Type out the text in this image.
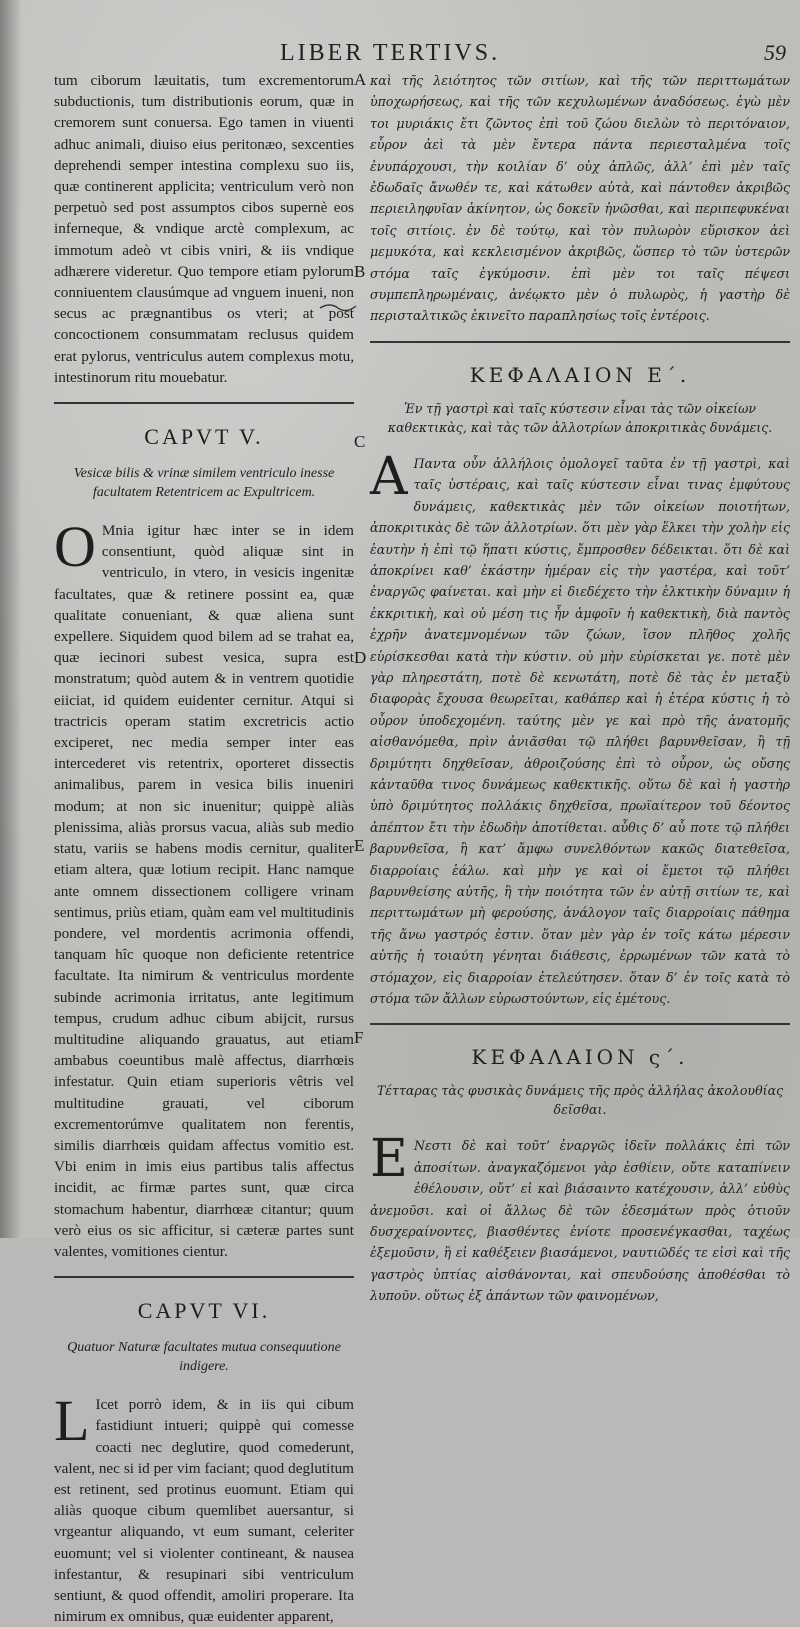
LIBER TERTIVS.	59

tum ciborum læuitatis, tum excrementorum subductionis, tum distributionis eorum, quæ in cremorem sunt conuersa. Ego tamen in viuenti adhuc animali, diuiso eius peritonæo, sexcenties deprehendi semper intestina complexu suo iis, quæ continerent applicita; ventriculum verò non perpetuò sed post assumptos cibos supernè eos inferneque, & vndique arctè complexum, ac immotum adeò vt cibis vniri, & iis vndique adhærere videretur. Quo tempore etiam pylorum conniuentem clausúmque ad vnguem inueni, non secus ac prægnantibus os vteri; at post concoctionem consummatam reclusus quidem erat pylorus, ventriculus autem complexus motu, intestinorum ritu mouebatur.

CAPVT V.
Vesicæ bilis & vrinæ similem ventriculo inesse facultatem Retentricem ac Expultricem.

O Mnia igitur hæc inter se in idem consentiunt, quòd aliquæ sint in ventriculo, in vtero, in vesicis ingenitæ facultates, quæ & retinere possint ea, quæ qualitate conueniant, & quæ aliena sunt expellere. Siquidem quod bilem ad se trahat ea, quæ iecinori subest vesica, supra est monstratum; quòd autem & in ventrem quotidie eiiciat, id quidem euidenter cernitur. Atqui si tractricis operam statim excretricis actio exciperet, nec media semper inter eas intercederet vis retentrix, oporteret dissectis animalibus, parem in vesica bilis inueniri modum; at non sic inuenitur; quippè aliàs plenissima, aliàs prorsus vacua, aliàs sub medio statu, variis se habens modis cernitur, qualiter etiam altera, quæ lotium recipit. Hanc namque ante omnem dissectionem colligere vrinam sentimus, priùs etiam, quàm eam vel multitudinis pondere, vel mordentis acrimonia offendi, tanquam hîc quoque non deficiente retentrice facultate. Ita nimirum & ventriculus mordente subinde acrimonia irritatus, ante legitimum tempus, crudum adhuc cibum abijcit, rursus multitudine aliquando grauatus, aut etiam ambabus coeuntibus malè affectus, diarrhœis infestatur. Quin etiam superioris vêtris vel multitudine grauati, vel ciborum excrementorúmve qualitatem non ferentis, similis diarrhœis quidam affectus vomitio est. Vbi enim in imis eius partibus talis affectus incidit, ac firmæ partes sunt, quæ circa stomachum habentur, diarrhœæ citantur; quum verò eius os sic afficitur, si cæteræ partes sunt valentes, vomitiones cientur.

CAPVT VI.
Quatuor Naturæ facultates mutua consequutione indigere.

L Icet porrò idem, & in iis qui cibum fastidiunt intueri; quippè qui comesse coacti nec deglutire, quod comederunt, valent, nec si id per vim faciant; quod deglutitum est retinent, sed protinus euomunt. Etiam qui aliàs quoque cibum quemlibet auersantur, si vrgeantur aliquando, vt eum sumant, celeriter euomunt; vel si violenter contineant, & nausea infestantur, & resupinari sibi ventriculum sentiunt, & quod offendit, amoliri properare. Ita nimirum ex omnibus, quæ euidenter apparent,

A
B
C
D
E
F

καὶ τῆς λειότητος τῶν σιτίων, καὶ τῆς τῶν περιττωμάτων ὑποχωρήσεως, καὶ τῆς τῶν κεχυλωμένων ἀναδόσεως. ἐγὼ μὲν τοι μυριάκις ἔτι ζῶντος ἐπὶ τοῦ ζώου διελὼν τὸ περιτόναιον, εὗρον ἀεὶ τὰ μὲν ἔντερα πάντα περιεσταλμένα τοῖς ἐνυπάρχουσι, τὴν κοιλίαν δ’ οὐχ ἁπλῶς, ἀλλ’ ἐπὶ μὲν ταῖς ἐδωδαῖς ἄνωθέν τε, καὶ κάτωθεν αὐτὰ, καὶ πάντοθεν ἀκριβῶς περιειληφυῖαν ἀκίνητον, ὡς δοκεῖν ἡνῶσθαι, καὶ περιπεφυκέναι τοῖς σιτίοις. ἐν δὲ τούτῳ, καὶ τὸν πυλωρὸν εὕρισκον ἀεὶ μεμυκότα, καὶ κεκλεισμένον ἀκριβῶς, ὥσπερ τὸ τῶν ὑστερῶν στόμα ταῖς ἐγκύμοσιν. ἐπὶ μὲν τοι ταῖς πέψεσι συμπεπληρωμέναις, ἀνέῳκτο μὲν ὁ πυλωρὸς, ἡ γαστὴρ δὲ περισταλτικῶς ἐκινεῖτο παραπλησίως τοῖς ἐντέροις.

ΚΕΦΑΛΑΙΟΝ Ε΄.
Ἐν τῇ γαστρὶ καὶ ταῖς κύστεσιν εἶναι τὰς τῶν οἰκείων καθεκτικὰς, καὶ τὰς τῶν ἀλλοτρίων ἀποκριτικὰς δυνάμεις.

Α Παντα οὖν ἀλλήλοις ὁμολογεῖ ταῦτα ἐν τῇ γαστρὶ, καὶ ταῖς ὑστέραις, καὶ ταῖς κύστεσιν εἶναι τινας ἐμφύτους δυνάμεις, καθεκτικὰς μὲν τῶν οἰκείων ποιοτήτων, ἀποκριτικὰς δὲ τῶν ἀλλοτρίων. ὅτι μὲν γὰρ ἕλκει τὴν χολὴν εἰς ἑαυτὴν ἡ ἐπὶ τῷ ἥπατι κύστις, ἔμπροσθεν δέδεικται. ὅτι δὲ καὶ ἀποκρίνει καθ’ ἑκάστην ἡμέραν εἰς τὴν γαστέρα, καὶ τοῦτ’ ἐναργῶς φαίνεται. καὶ μὴν εἰ διεδέχετο τὴν ἑλκτικὴν δύναμιν ἡ ἐκκριτικὴ, καὶ οὐ μέση τις ἦν ἀμφοῖν ἡ καθεκτικὴ, διὰ παντὸς ἐχρῆν ἀνατεμνομένων τῶν ζώων, ἴσον πλῆθος χολῆς εὑρίσκεσθαι κατὰ τὴν κύστιν. οὐ μὴν εὑρίσκεται γε. ποτὲ μὲν γὰρ πληρεστάτη, ποτὲ δὲ κενωτάτη, ποτὲ δὲ τὰς ἐν μεταξὺ διαφορὰς ἔχουσα θεωρεῖται, καθάπερ καὶ ἡ ἑτέρα κύστις ἡ τὸ οὖρον ὑποδεχομένη. ταύτης μὲν γε καὶ πρὸ τῆς ἀνατομῆς αἰσθανόμεθα, πρὶν ἀνιᾶσθαι τῷ πλήθει βαρυνθεῖσαν, ἢ τῇ δριμύτητι δηχθεῖσαν, ἀθροιζούσης ἐπὶ τὸ οὖρον, ὡς οὔσης κἀνταῦθα τινος δυνάμεως καθεκτικῆς. οὕτω δὲ καὶ ἡ γαστὴρ ὑπὸ δριμύτητος πολλάκις δηχθεῖσα, πρωϊαίτερον τοῦ δέοντος ἀπέπτον ἔτι τὴν ἐδωδὴν ἀποτίθεται. αὖθις δ’ αὖ ποτε τῷ πλήθει βαρυνθεῖσα, ἢ κατ’ ἄμφω συνελθόντων κακῶς διατεθεῖσα, διαρροίαις ἑάλω. καὶ μὴν γε καὶ οἱ ἔμετοι τῷ πλήθει βαρυνθείσης αὐτῆς, ἢ τὴν ποιότητα τῶν ἐν αὐτῇ σιτίων τε, καὶ περιττωμάτων μὴ φερούσης, ἀνάλογον ταῖς διαρροίαις πάθημα τῆς ἄνω γαστρός ἐστιν. ὅταν μὲν γὰρ ἐν τοῖς κάτω μέρεσιν αὐτῆς ἡ τοιαύτη γένηται διάθεσις, ἐρρωμένων τῶν κατὰ τὸ στόμαχον, εἰς διαρροίαν ἐτελεύτησεν. ὅταν δ’ ἐν τοῖς κατὰ τὸ στόμα τῶν ἄλλων εὐρωστούντων, εἰς ἐμέτους.

ΚΕΦΑΛΑΙΟΝ ς΄.
Τέτταρας τὰς φυσικὰς δυνάμεις τῆς πρὸς ἀλλήλας ἀκολουθίας δεῖσθαι.

Ε Νεστι δὲ καὶ τοῦτ’ ἐναργῶς ἰδεῖν πολλάκις ἐπὶ τῶν ἀποσίτων. ἀναγκαζόμενοι γὰρ ἐσθίειν, οὔτε καταπίνειν ἐθέλουσιν, οὔτ’ εἰ καὶ βιάσαιντο κατέχουσιν, ἀλλ’ εὐθὺς ἀνεμοῦσι. καὶ οἱ ἄλλως δὲ τῶν ἐδεσμάτων πρὸς ὁτιοῦν δυσχεραίνοντες, βιασθέντες ἐνίοτε προσενέγκασθαι, ταχέως ἐξεμοῦσιν, ἢ εἰ καθέξειεν βιασάμενοι, ναυτιῶδές τε εἰσὶ καὶ τῆς γαστρὸς ὑπτίας αἰσθάνονται, καὶ σπευδούσης ἀποθέσθαι τὸ λυποῦν. οὕτως ἐξ ἁπάντων τῶν φαινομένων,
